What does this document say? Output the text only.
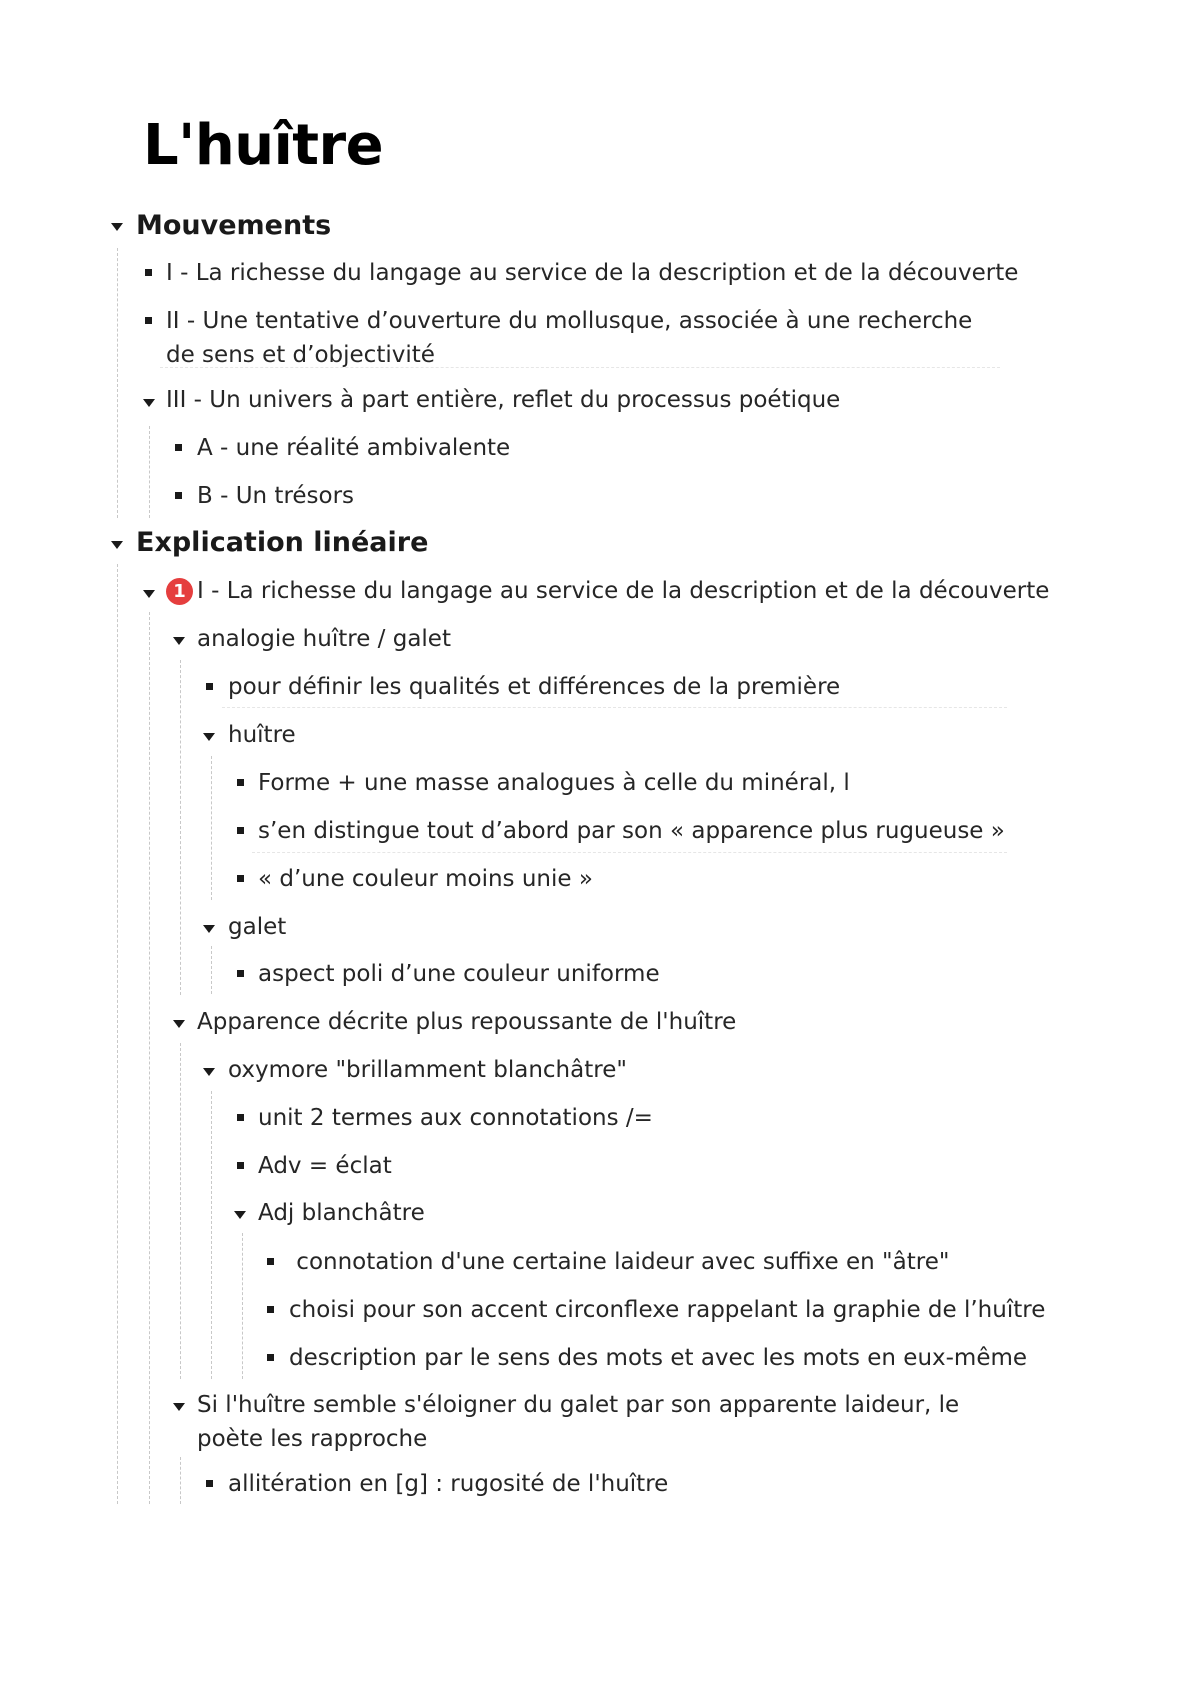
L'huître
Mouvements
I - La richesse du langage au service de la description et de la découverte
II - Une tentative d’ouverture du mollusque, associée à une recherche de sens et d’objectivité
III - Un univers à part entière, reflet du processus poétique
A - une réalité ambivalente
B - Un trésors
Explication linéaire
1 I - La richesse du langage au service de la description et de la découverte
analogie huître / galet
pour définir les qualités et différences de la première
huître
Forme + une masse analogues à celle du minéral, l
s’en distingue tout d’abord par son « apparence plus rugueuse »
« d’une couleur moins unie »
galet
aspect poli d’une couleur uniforme
Apparence décrite plus repoussante de l'huître
oxymore "brillamment blanchâtre"
unit 2 termes aux connotations /=
Adv = éclat
Adj blanchâtre
connotation d'une certaine laideur avec suffixe en "âtre"
choisi pour son accent circonflexe rappelant la graphie de l’huître
description par le sens des mots et avec les mots en eux-même
Si l'huître semble s'éloigner du galet par son apparente laideur, le poète les rapproche
allitération en [g] : rugosité de l'huître
